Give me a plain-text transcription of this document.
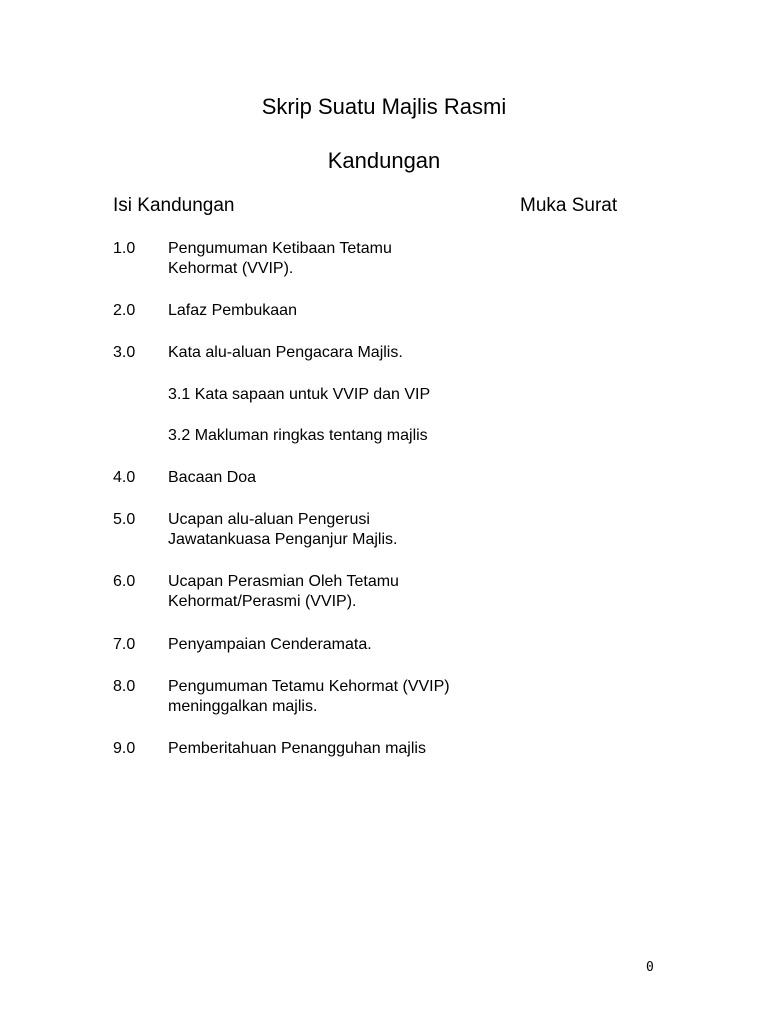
Skrip Suatu Majlis Rasmi
Kandungan
Isi Kandungan	Muka Surat
1.0 Pengumuman Ketibaan Tetamu
Kehormat (VVIP).
2.0 Lafaz Pembukaan
3.0 Kata alu-aluan Pengacara Majlis.
3.1 Kata sapaan untuk VVIP dan VIP
3.2 Makluman ringkas tentang majlis
4.0 Bacaan Doa
5.0 Ucapan alu-aluan Pengerusi
Jawatankuasa Penganjur Majlis.
6.0 Ucapan Perasmian Oleh Tetamu
Kehormat/Perasmi (VVIP).
7.0 Penyampaian Cenderamata.
8.0 Pengumuman Tetamu Kehormat (VVIP)
meninggalkan majlis.
9.0 Pemberitahuan Penangguhan majlis
0
